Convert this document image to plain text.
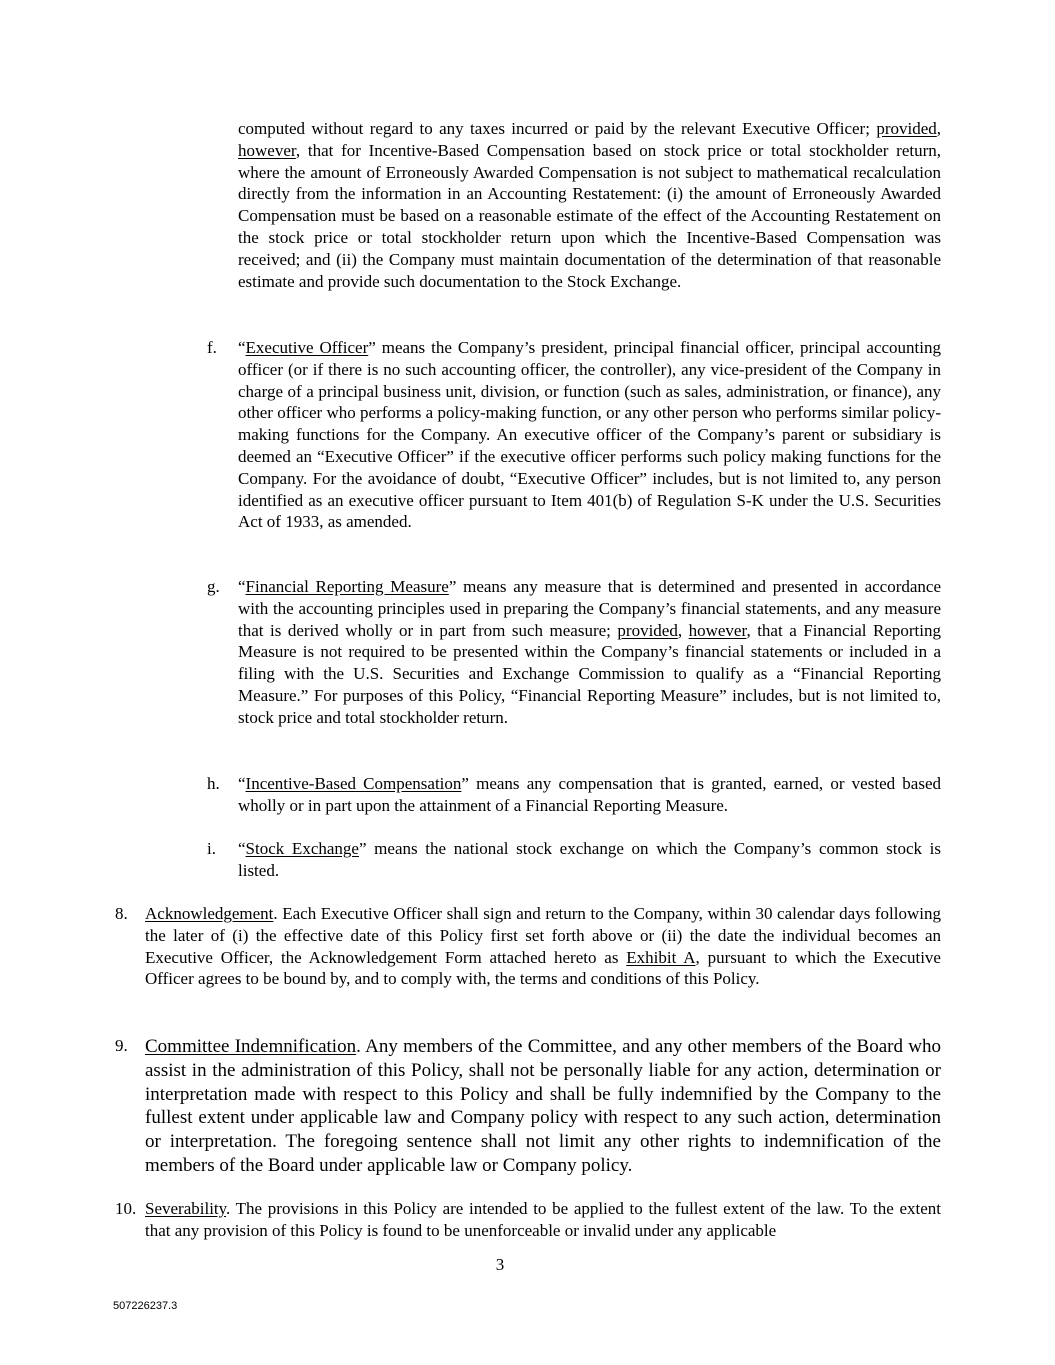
computed without regard to any taxes incurred or paid by the relevant Executive Officer; provided, however, that for Incentive-Based Compensation based on stock price or total stockholder return, where the amount of Erroneously Awarded Compensation is not subject to mathematical recalculation directly from the information in an Accounting Restatement: (i) the amount of Erroneously Awarded Compensation must be based on a reasonable estimate of the effect of the Accounting Restatement on the stock price or total stockholder return upon which the Incentive-Based Compensation was received; and (ii) the Company must maintain documentation of the determination of that reasonable estimate and provide such documentation to the Stock Exchange.
f. “Executive Officer” means the Company’s president, principal financial officer, principal accounting officer (or if there is no such accounting officer, the controller), any vice-president of the Company in charge of a principal business unit, division, or function (such as sales, administration, or finance), any other officer who performs a policy-making function, or any other person who performs similar policy-making functions for the Company. An executive officer of the Company’s parent or subsidiary is deemed an “Executive Officer” if the executive officer performs such policy making functions for the Company. For the avoidance of doubt, “Executive Officer” includes, but is not limited to, any person identified as an executive officer pursuant to Item 401(b) of Regulation S-K under the U.S. Securities Act of 1933, as amended.
g. “Financial Reporting Measure” means any measure that is determined and presented in accordance with the accounting principles used in preparing the Company’s financial statements, and any measure that is derived wholly or in part from such measure; provided, however, that a Financial Reporting Measure is not required to be presented within the Company’s financial statements or included in a filing with the U.S. Securities and Exchange Commission to qualify as a “Financial Reporting Measure.” For purposes of this Policy, “Financial Reporting Measure” includes, but is not limited to, stock price and total stockholder return.
h. “Incentive-Based Compensation” means any compensation that is granted, earned, or vested based wholly or in part upon the attainment of a Financial Reporting Measure.
i. “Stock Exchange” means the national stock exchange on which the Company’s common stock is listed.
8. Acknowledgement. Each Executive Officer shall sign and return to the Company, within 30 calendar days following the later of (i) the effective date of this Policy first set forth above or (ii) the date the individual becomes an Executive Officer, the Acknowledgement Form attached hereto as Exhibit A, pursuant to which the Executive Officer agrees to be bound by, and to comply with, the terms and conditions of this Policy.
9. Committee Indemnification. Any members of the Committee, and any other members of the Board who assist in the administration of this Policy, shall not be personally liable for any action, determination or interpretation made with respect to this Policy and shall be fully indemnified by the Company to the fullest extent under applicable law and Company policy with respect to any such action, determination or interpretation. The foregoing sentence shall not limit any other rights to indemnification of the members of the Board under applicable law or Company policy.
10. Severability. The provisions in this Policy are intended to be applied to the fullest extent of the law. To the extent that any provision of this Policy is found to be unenforceable or invalid under any applicable
3
507226237.3
